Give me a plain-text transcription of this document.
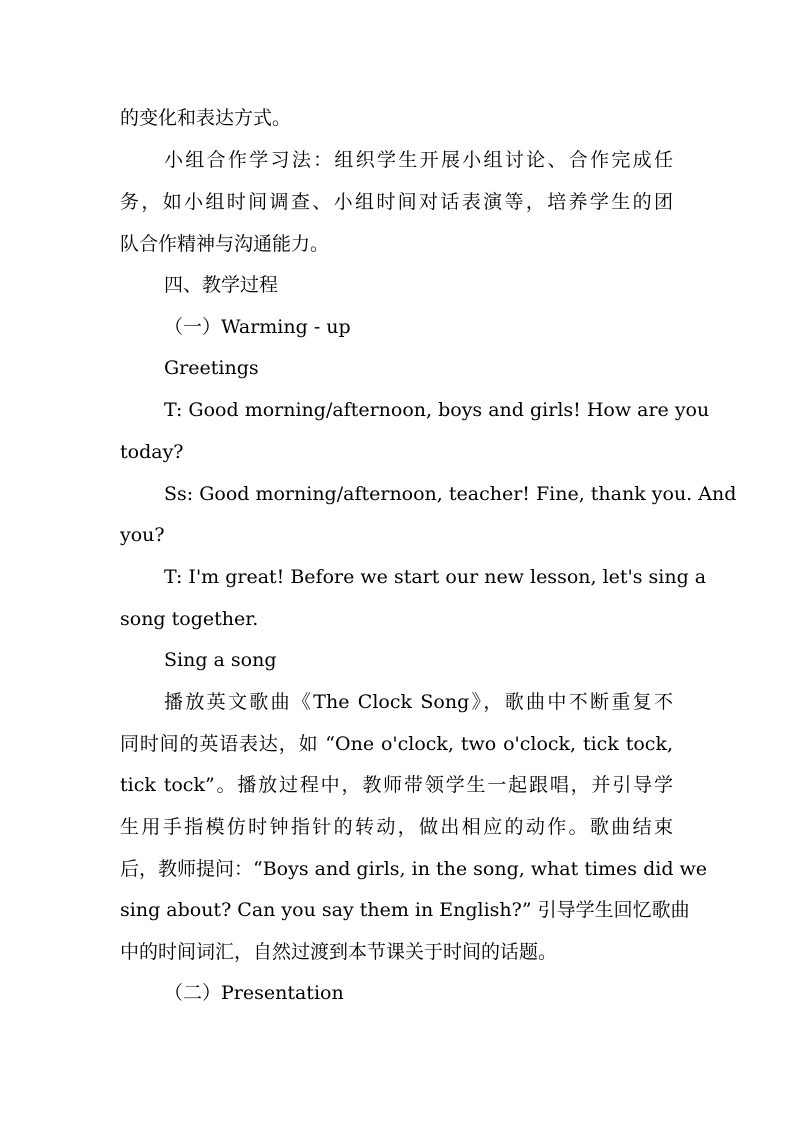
的变化和表达方式。
小组合作学习法：组织学生开展小组讨论、合作完成任
务，如小组时间调查、小组时间对话表演等，培养学生的团
队合作精神与沟通能力。
四、教学过程
（一）Warming - up
Greetings
T: Good morning/afternoon, boys and girls! How are you
today?
Ss: Good morning/afternoon, teacher! Fine, thank you. And
you?
T: I'm great! Before we start our new lesson, let's sing a
song together.
Sing a song
播放英文歌曲《The Clock Song》，歌曲中不断重复不
同时间的英语表达，如 “One o'clock, two o'clock, tick tock,
tick tock”。播放过程中，教师带领学生一起跟唱，并引导学
生用手指模仿时钟指针的转动，做出相应的动作。歌曲结束
后，教师提问：“Boys and girls, in the song, what times did we
sing about? Can you say them in English?” 引导学生回忆歌曲
中的时间词汇，自然过渡到本节课关于时间的话题。
（二）Presentation
